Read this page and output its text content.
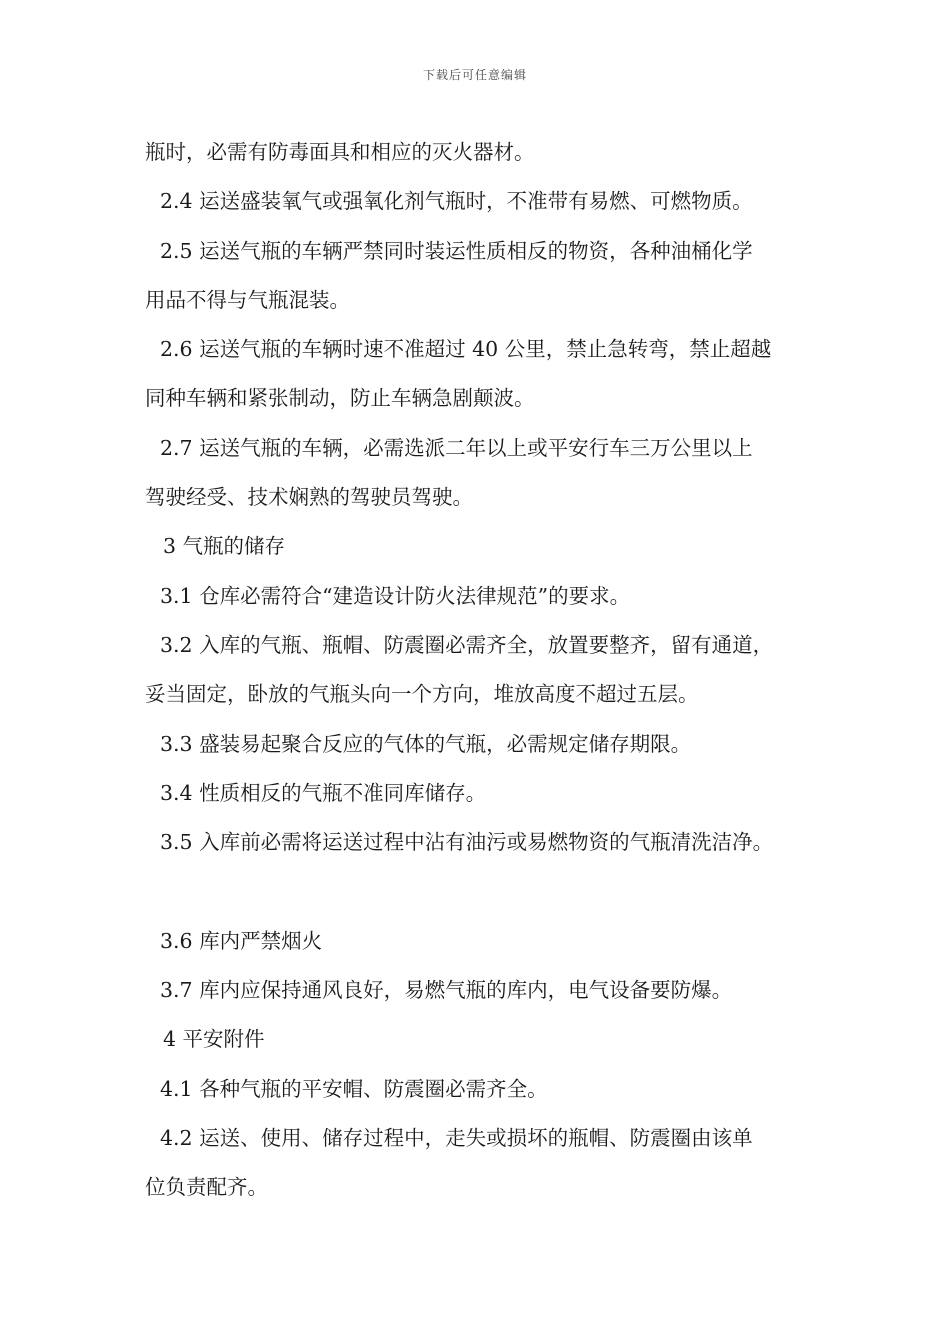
下载后可任意编辑
瓶时，必需有防毒面具和相应的灭火器材。
2.4 运送盛装氧气或强氧化剂气瓶时，不准带有易燃、可燃物质。
2.5 运送气瓶的车辆严禁同时装运性质相反的物资，各种油桶化学
用品不得与气瓶混装。
2.6 运送气瓶的车辆时速不准超过 40 公里，禁止急转弯，禁止超越
同种车辆和紧张制动，防止车辆急剧颠波。
2.7 运送气瓶的车辆，必需选派二年以上或平安行车三万公里以上
驾驶经受、技术娴熟的驾驶员驾驶。
3 气瓶的储存
3.1 仓库必需符合“建造设计防火法律规范”的要求。
3.2 入库的气瓶、瓶帽、防震圈必需齐全，放置要整齐，留有通道，
妥当固定，卧放的气瓶头向一个方向，堆放高度不超过五层。
3.3 盛装易起聚合反应的气体的气瓶，必需规定储存期限。
3.4 性质相反的气瓶不准同库储存。
3.5 入库前必需将运送过程中沾有油污或易燃物资的气瓶清洗洁净。
3.6 库内严禁烟火
3.7 库内应保持通风良好，易燃气瓶的库内，电气设备要防爆。
4 平安附件
4.1 各种气瓶的平安帽、防震圈必需齐全。
4.2 运送、使用、储存过程中，走失或损坏的瓶帽、防震圈由该单
位负责配齐。
